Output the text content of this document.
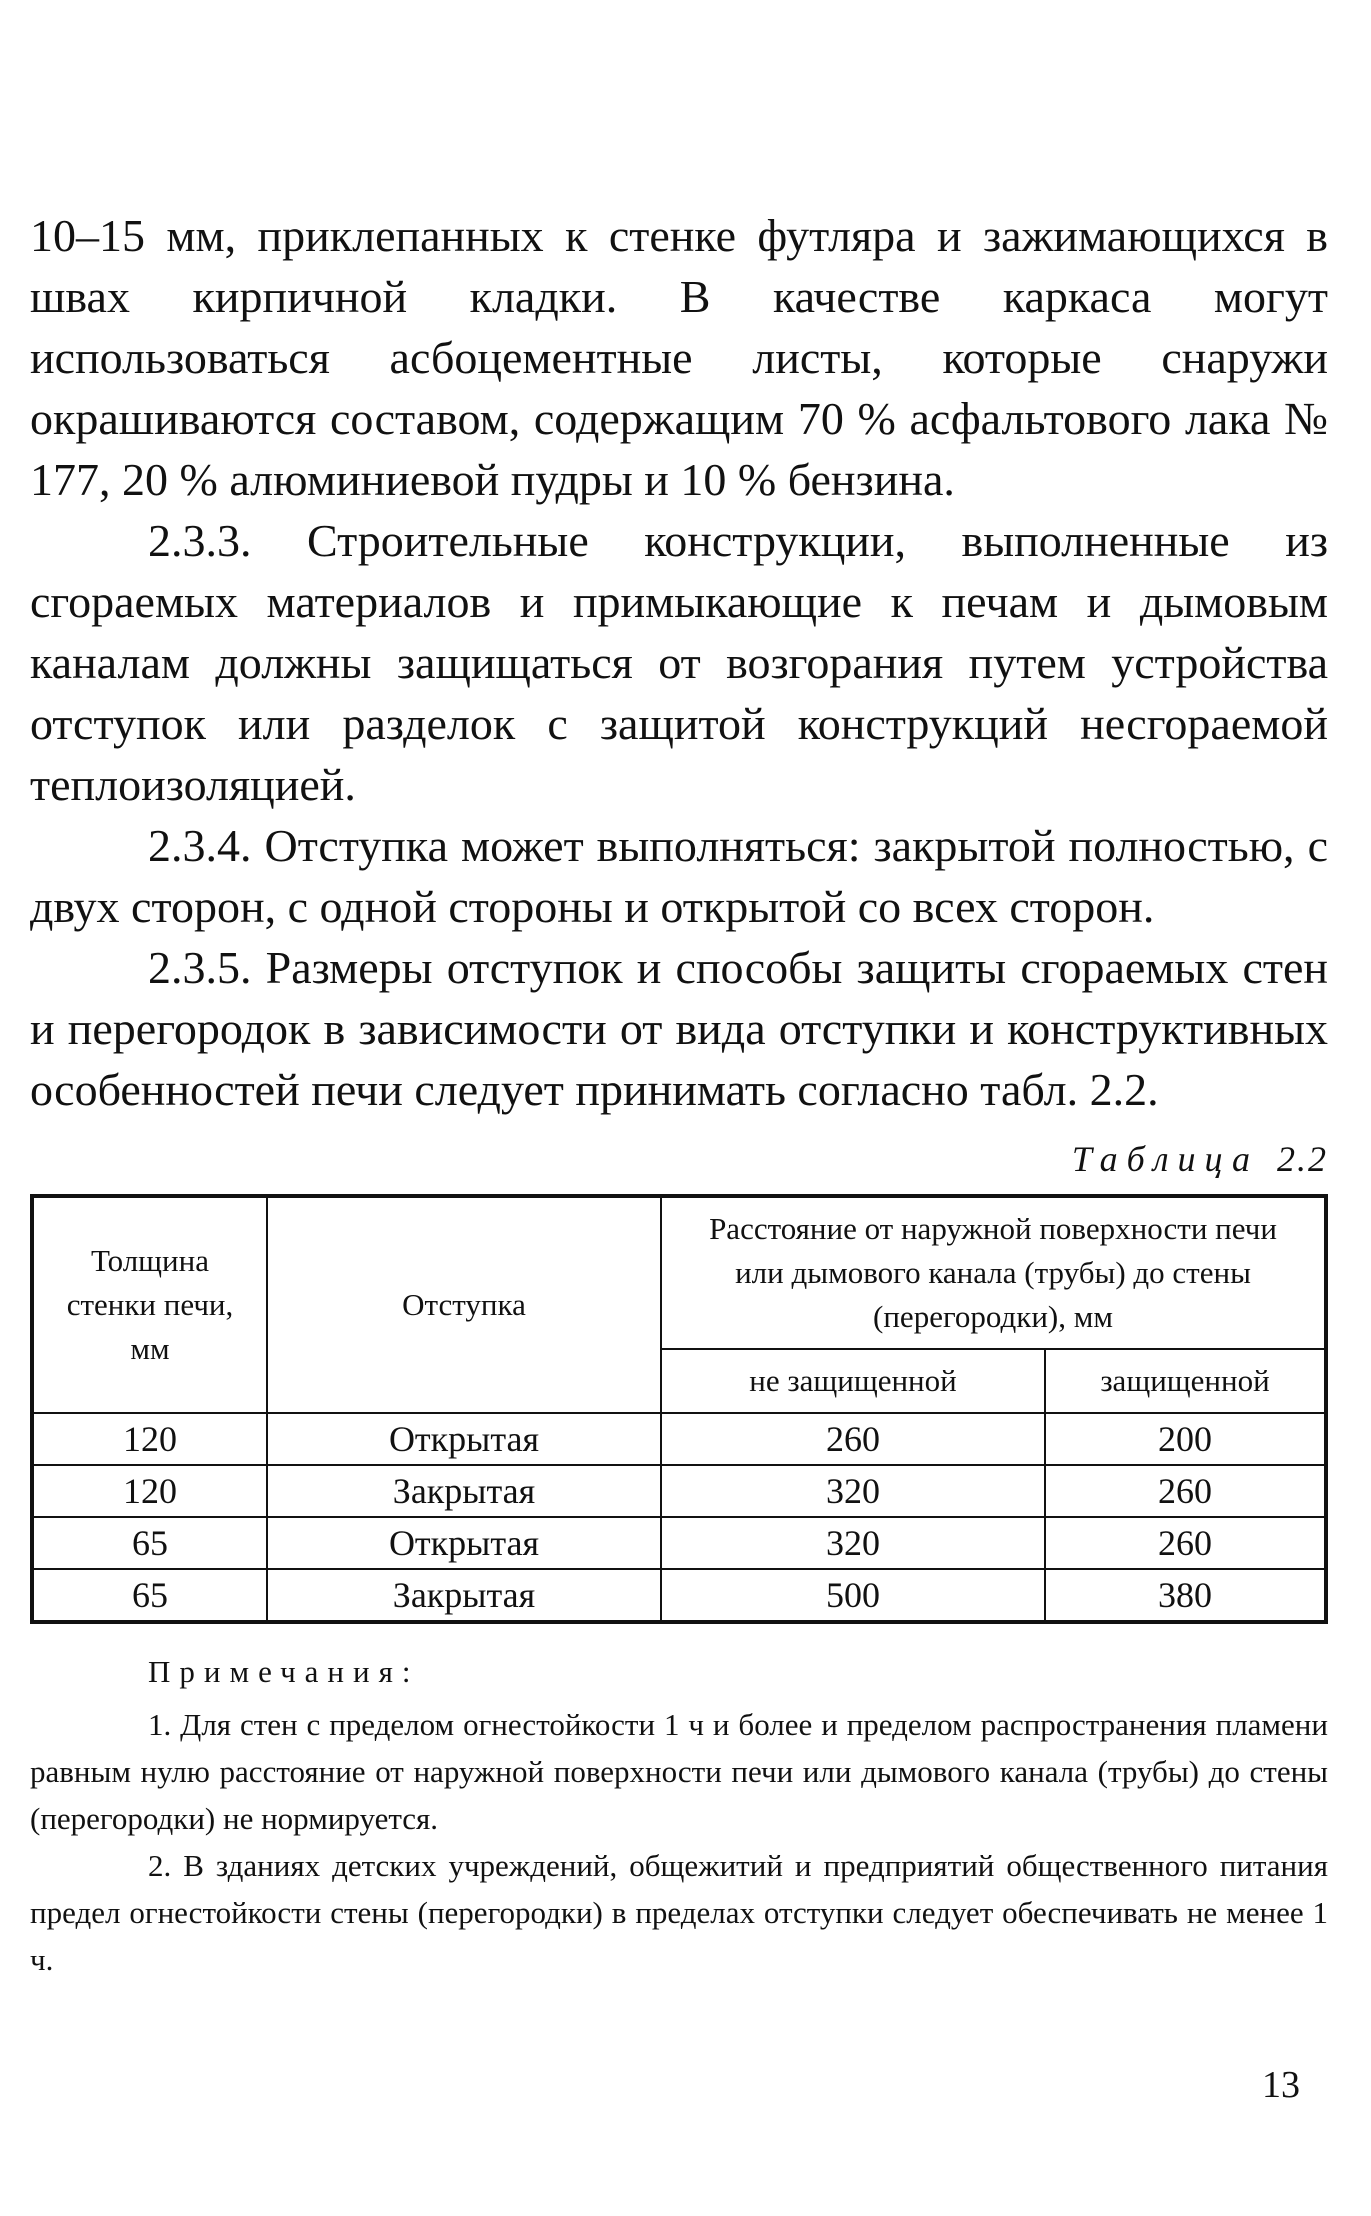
10–15 мм, приклепанных к стенке футляра и зажимающихся в швах кирпичной кладки. В качестве каркаса могут использоваться асбоцементные листы, которые снаружи окрашиваются составом, содержащим 70 % асфальтового лака № 177, 20 % алюминиевой пудры и 10 % бензина.

2.3.3. Строительные конструкции, выполненные из сгораемых материалов и примыкающие к печам и дымовым каналам должны защищаться от возгорания путем устройства отступок или разделок с защитой конструкций несгораемой теплоизоляцией.

2.3.4. Отступка может выполняться: закрытой полностью, с двух сторон, с одной стороны и открытой со всех сторон.

2.3.5. Размеры отступок и способы защиты сгораемых стен и перегородок в зависимости от вида отступки и конструктивных особенностей печи следует принимать согласно табл. 2.2.

Таблица 2.2
Толщина стенки печи, мм	Отступка	Расстояние от наружной поверхности печи или дымового канала (трубы) до стены (перегородки), мм	
		не защищенной	защищенной
120	Открытая	260	200
120	Закрытая	320	260
65	Открытая	320	260
65	Закрытая	500	380
Примечания:

1. Для стен с пределом огнестойкости 1 ч и более и пределом распространения пламени равным нулю расстояние от наружной поверхности печи или дымового канала (трубы) до стены (перегородки) не нормируется.

2. В зданиях детских учреждений, общежитий и предприятий общественного питания предел огнестойкости стены (перегородки) в пределах отступки следует обеспечивать не менее 1 ч.

13
